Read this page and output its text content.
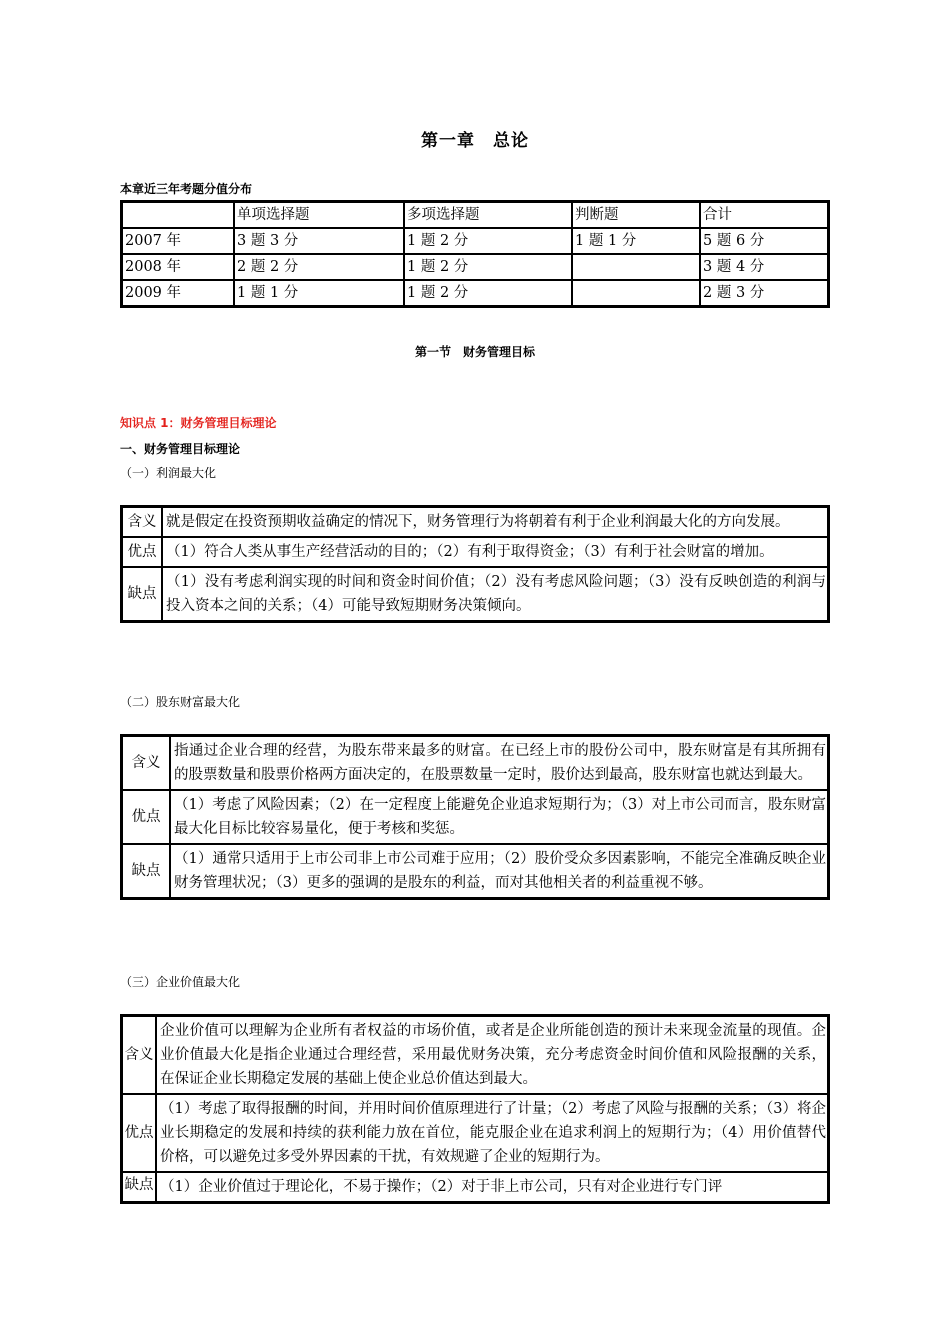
第一章　总论
本章近三年考题分值分布
	单项选择题	多项选择题	判断题	合计
2007 年	3 题 3 分	1 题 2 分	1 题 1 分	5 题 6 分
2008 年	2 题 2 分	1 题 2 分		3 题 4 分
2009 年	1 题 1 分	1 题 2 分		2 题 3 分
第一节　财务管理目标
知识点 1：财务管理目标理论
一、财务管理目标理论
（一）利润最大化
含义	就是假定在投资预期收益确定的情况下，财务管理行为将朝着有利于企业利润最大化的方向发展。
优点	（1）符合人类从事生产经营活动的目的；（2）有利于取得资金；（3）有利于社会财富的增加。
缺点	（1）没有考虑利润实现的时间和资金时间价值；（2）没有考虑风险问题；（3）没有反映创造的利润与投入资本之间的关系；（4）可能导致短期财务决策倾向。
（二）股东财富最大化
含义	指通过企业合理的经营，为股东带来最多的财富。在已经上市的股份公司中，股东财富是有其所拥有的股票数量和股票价格两方面决定的，在股票数量一定时，股价达到最高，股东财富也就达到最大。
优点	（1）考虑了风险因素；（2）在一定程度上能避免企业追求短期行为；（3）对上市公司而言，股东财富最大化目标比较容易量化，便于考核和奖惩。
缺点	（1）通常只适用于上市公司非上市公司难于应用；（2）股价受众多因素影响，不能完全准确反映企业财务管理状况；（3）更多的强调的是股东的利益，而对其他相关者的利益重视不够。
（三）企业价值最大化
含义	企业价值可以理解为企业所有者权益的市场价值，或者是企业所能创造的预计未来现金流量的现值。企业价值最大化是指企业通过合理经营，采用最优财务决策，充分考虑资金时间价值和风险报酬的关系，在保证企业长期稳定发展的基础上使企业总价值达到最大。
优点	（1）考虑了取得报酬的时间，并用时间价值原理进行了计量；（2）考虑了风险与报酬的关系；（3）将企业长期稳定的发展和持续的获利能力放在首位，能克服企业在追求利润上的短期行为；（4）用价值替代价格，可以避免过多受外界因素的干扰，有效规避了企业的短期行为。
缺点	（1）企业价值过于理论化，不易于操作；（2）对于非上市公司，只有对企业进行专门评
